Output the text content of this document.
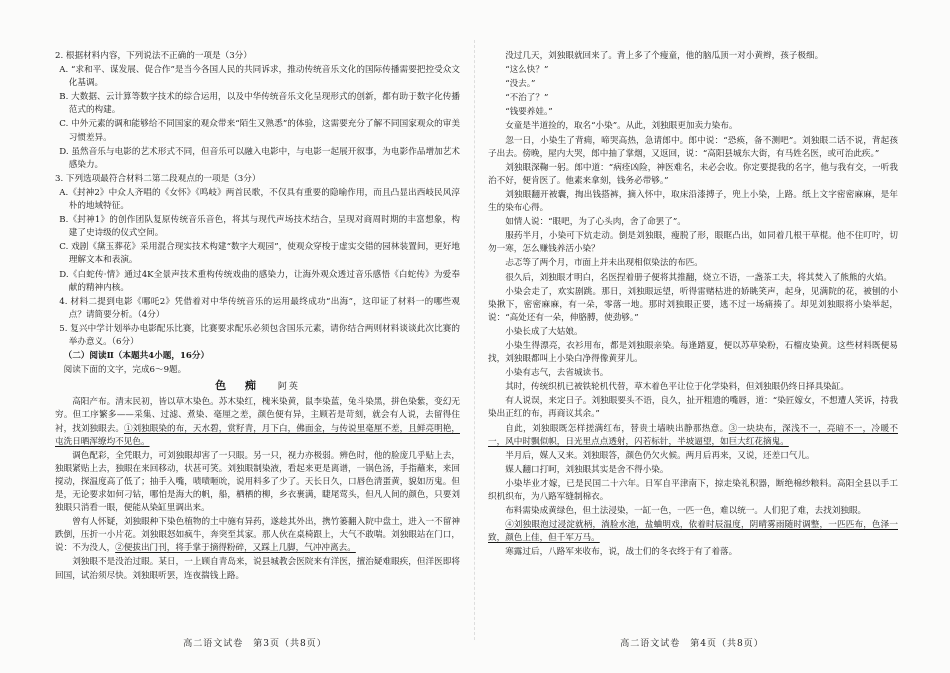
2. 根据材料内容，下列说法不正确的一项是（3分）

A. “求和平、谋发展、促合作”是当今各国人民的共同诉求，推动传统音乐文化的国际传播需要把控受众文化基调。

B. 大数据、云计算等数字技术的综合运用，以及中华传统音乐文化呈现形式的创新，都有助于数字化传播范式的构建。

C. 中外元素的调和能够给不同国家的观众带来“陌生又熟悉”的体验，这需要充分了解不同国家观众的审美习惯差异。

D. 虽然音乐与电影的艺术形式不同，但音乐可以融入电影中，与电影一起展开叙事，为电影作品增加艺术感染力。

3. 下列选项最符合材料二第二段观点的一项是（3分）

A.《封神2》中众人齐唱的《女怀》《鸣岐》两首民歌，不仅具有重要的隐喻作用，而且凸显出西岐民风淳朴的地域特征。

B.《封神1》的创作团队复原传统音乐音色，将其与现代声场技术结合，呈现对商周时期的丰富想象，构建了史诗级的仪式空间。

C. 戏剧《黛玉葬花》采用混合现实技术构建“数字大观园”，使观众穿梭于虚实交错的园林装置间，更好地理解文本和表演。

D.《白蛇传·情》通过4K全景声技术重构传统戏曲的感染力，让海外观众透过音乐感悟《白蛇传》为爱奉献的精神内核。

4. 材料二提到电影《哪吒2》凭借着对中华传统音乐的运用最终成功“出海”，这印证了材料一的哪些观点？请简要分析。（4分）

5. 复兴中学计划举办电影配乐比赛，比赛要求配乐必须包含国乐元素，请你结合两则材料谈谈此次比赛的举办意义。（6分）

（二）阅读Ⅱ（本题共4小题，16分）

阅读下面的文字，完成6～9题。

色　痴 阿英

高阳产布。清末民初，皆以草木染色。苏木染红，槐米染黄，鼠李染蓝，兔斗染黑，拼色染紫，变幻无穷。但工序繁多——采集、过滤、煮染、毫厘之差，颜色便有异，主顾若是苛刻，就会有人说，去留得住衬，找刘独眼去。①刘独眼染的布，天水碧，赏籽青，月下白，佛面金，与传说里毫厘不差，且鲜亮明艳，屯洗日晒浑缭均不见色。

调色配彩，全凭眼力，可刘独眼却害了一只眼。另一只，视力亦极弱。辨色时，他的脸庞几乎贴上去，独眼紧贴上去，独眼在来回移动，状甚可笑。刘独眼制染液，看起来更是离谱，一锅色汤，手指蘸来，来回搅动，探温度高了低了；抽手入嘴，啧啧咂吮，说用料多了少了。天长日久，口唇色清蛋黄，貌如历鬼。但是，无论要求如何刁钻，哪怕是海大的帆，船，栖栖的柳，乡衣裹满，睫尾莺头，但凡人间的颜色，只要刘独眼只消看一眼，便能从染缸里调出来。

曾有人怀疑，刘独眼种下染色植物的土中施有异药，遂趁其外出，携竹篓翻入院中盘土，进入一不留神跌倒，压折一小片花。刘独眼怒如疯牛，奔突至其家。那人伙在桌椅跟上，大气不敢喘。刘独眼站在门口，说：不为没人，②便拔出门刊，将手掌于摘得粉碎，又踩上几脚，气冲冲离去。

刘独眼不是没治过眼。某日，一上顾自青岛来，说县城教会医院来有洋医，擅治疑难眼疾，但洋医即将回国，试治须尽快。刘独眼听罢，连夜揣钱上路。

没过几天，刘独眼就回来了。背上多了个瘦童，他的脑瓜顶一对小黄辫，孩子极细。

“这么快？”

“没去。”

“不治了？”

“钱要养娃。”

女童是半道捡的，取名“小染”。从此，刘独眼更加卖力染布。

忽一日，小染生了背痈，啼哭高热，急请郎中。郎中说：“恐痪，备不测吧”。刘独眼二话不说，背起孩子出去。傍晚，屋内大哭，郎中抽了掌烟，又返回，说：“高阳县城东大街，有马姓名医，或可治此疾。”

刘独眼深鞠一躬。郎中道：“病痊凶险，神医难名，未必会收。你定要提我的名字，他与我有交，一听我治不好，便肯医了。他素来拿刻，钱务必带够。”

刘独眼翻开被囊，掏出钱搭裤，摘入怀中，取床沿漆搏子，兜上小染，上路。纸上文字密密麻麻，是年生的染布心得。

如情人说：“眼吧，为了心头肉，舍了命罢了”。

服药半月，小染可下炕走动。倒是刘独眼，瘦脱了形，眼眶凸出，如同着几根干草棍。他不住叮咛，切勿一寒，怎么赚钱养活小染？

忐忑等了两个月，市面上并未出现相似染法的布匹。

很久后，刘独眼才明白，名医捏着册子便将其推翻，烧立不语，一盏茶工夫，将其焚入了熊熊的火焰。

小染会走了，欢实剧跳。那日，刘独眼远望，听得雷赌枯进的娇眺笑声，起身，见满院的花，被刨的小染揪下，密密麻麻，有一朵，零落一地。那时刘独眼正要，逃不过一场痛揍了。却见刘独眼将小染举起，说：“高处还有一朵，伸胳膊，使劲够。”

小染长成了大姑娘。

小染生得漂亮，衣衫用布，都是刘独眼亲染。每逢踏夏，便以苏草染粉，石榴皮染黄。这些材料既便易找，刘独眼都叫上小染白净得像黄芽儿。

小染有志气，去省城读书。

其时，传统织机已被铁轮机代替，草木着色平让位于化学染料，但刘独眼仍终日择具染缸。

有人说误，来定日子。刘独眼要头不语，良久，扯开粗遗的嘴唇，道：“染匠嫁女，不想遭人笑诉，持我染出正红的布，再商议其余。”

自此，刘独眼既怎样搓满红布，替贵土墙映出静那热意。③一块块布，深浅不一，亮暗不一，冷暖不一，风中时飘似帜，日光里点点透射，闪若标针，半坡逼望，如巨大红花摘鬼。

半月后，媒人又来。刘独眼答，颜色仍欠火候。两月后再来，又说，还差口气儿。

媒人翻口打呵，刘独眼其实是舍不得小染。

小染毕业才嫁，已是民国二十六年。日军自平津南下，掠走染礼积器，断绝棉纱粮料。高阳全县以手工织机织布，为八路军缝制棉衣。

布料需染成黄绿色，但土法浸染，一缸一色，一匹一色，难以统一。人们犯了难，去找刘独眼。

④刘独眼泡过浸淀就柄，淌脸水池，盐蛐明戏，依着时辰温度，阴晴雾雨随时调整，一匹匹布，色泽一致，颜色上佳，但千军万马。

寒露过后，八路军来收布，说，战士们的冬衣终于有了着落。

高二语文试卷　第3页（共8页）	高二语文试卷　第4页（共8页）
